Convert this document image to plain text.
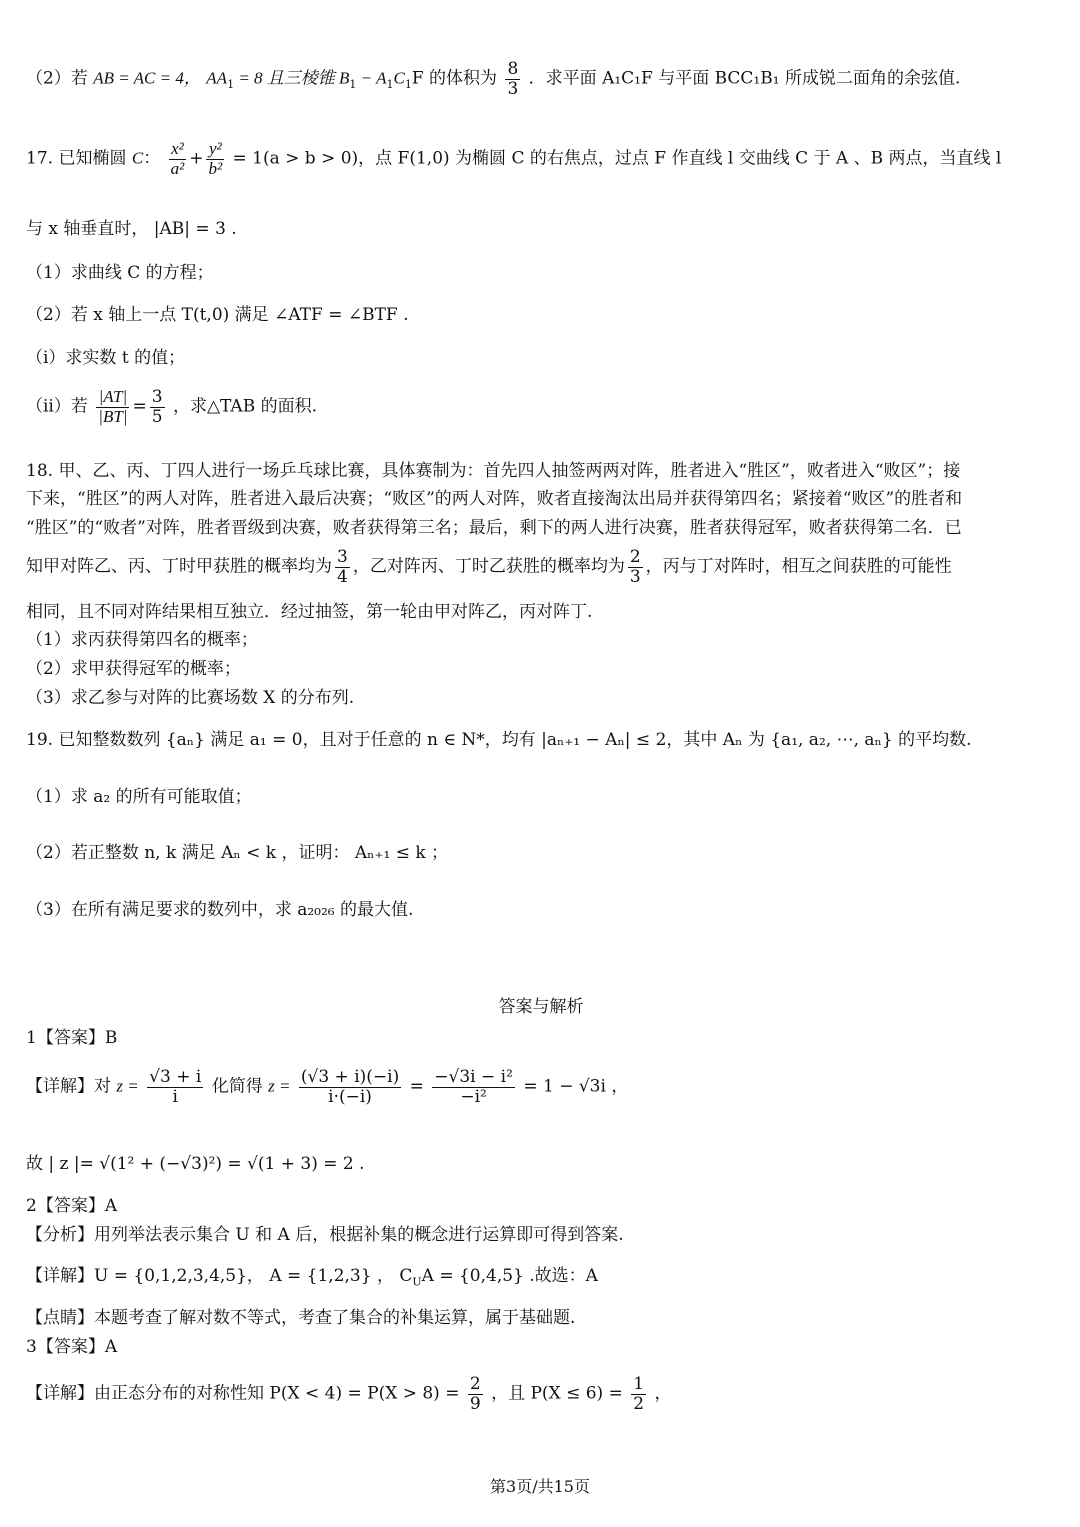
（2）若 AB = AC = 4， $AA_1 = 8$ 且三棱锥 $B_1 - A_1C_1F$ 的体积为 $\frac{8}{3}$ ．求平面 A₁C₁F 与平面 BCC₁B₁ 所成锐二面角的余弦值.
17. 已知椭圆 C： $\frac{\text{x²}}{\text{a²}} + \frac{\text{y²}}{\text{b²}} = 1(a > b > 0)$，点 F(1,0) 为椭圆 C 的右焦点，过点 F 作直线 l 交曲线 C 于 A 、B 两点，当直线 l
与 x 轴垂直时， |AB| = 3 .
（1）求曲线 C 的方程；
（2）若 x 轴上一点 T(t,0) 满足 ∠ATF = ∠BTF .
（i）求实数 t 的值；
（ii）若 $\frac{|AT|}{|BT|} = \frac{3}{5}$ ，求△TAB 的面积.
18. 甲、乙、丙、丁四人进行一场乒乓球比赛，具体赛制为：首先四人抽签两两对阵，胜者进入“胜区”，败者进入“败区”；接
下来，“胜区”的两人对阵，胜者进入最后决赛；“败区”的两人对阵，败者直接淘汰出局并获得第四名；紧接着“败区”的胜者和
“胜区”的“败者”对阵，胜者晋级到决赛，败者获得第三名；最后，剩下的两人进行决赛，胜者获得冠军，败者获得第二名．已
知甲对阵乙、丙、丁时甲获胜的概率均为 $\frac{3}{4}$ ，乙对阵丙、丁时乙获胜的概率均为 $\frac{2}{3}$ ，丙与丁对阵时，相互之间获胜的可能性
相同，且不同对阵结果相互独立．经过抽签，第一轮由甲对阵乙，丙对阵丁.
（1）求丙获得第四名的概率；
（2）求甲获得冠军的概率；
（3）求乙参与对阵的比赛场数 X 的分布列.
19. 已知整数数列 {aₙ} 满足 a₁ = 0，且对于任意的 n ∈ N*，均有 |aₙ₊₁ − Aₙ| ≤ 2，其中 Aₙ 为 {a₁, a₂, ⋯, aₙ} 的平均数.
（1）求 a₂ 的所有可能取值；
（2）若正整数 n, k 满足 Aₙ < k ，证明： Aₙ₊₁ ≤ k ；
（3）在所有满足要求的数列中，求 a₂₀₂₆ 的最大值.
答案与解析
1【答案】B
【详解】对 $z = \frac{√3 + i}{i}$ 化简得 $z = \frac{(√3 + i)(-i)}{i\cdot(-i)} = \frac{\text{−√3i − i²}}{\text{−i²}} = 1 - √3i$ ，
故 | z |= √(1² + (−√3)²) = √(1 + 3) = 2 .
2【答案】A
【分析】用列举法表示集合 U 和 A 后，根据补集的概念进行运算即可得到答案.
【详解】U = {0,1,2,3,4,5}， A = {1,2,3} ， $C_UA = \{0,4,5\}$ .故选：A
【点睛】本题考查了解对数不等式，考查了集合的补集运算，属于基础题.
3【答案】A
【详解】由正态分布的对称性知 $P(X < 4) = P(X > 8) = \frac{2}{9}$ ，且 $P(X \le 6) = \frac{1}{2}$ ，
第3页/共15页
